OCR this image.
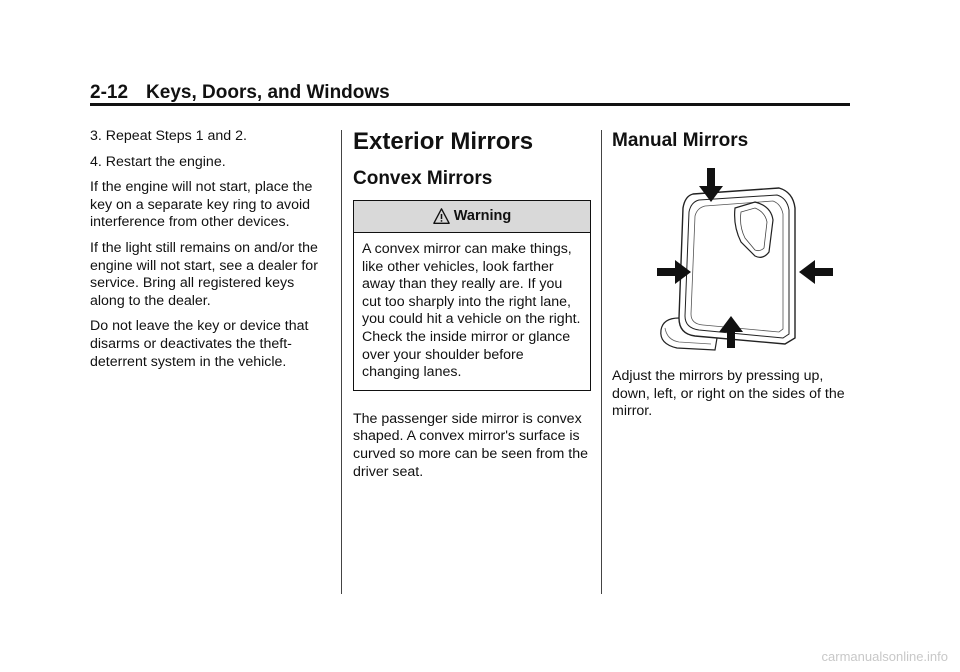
2-12 Keys, Doors, and Windows

3. Repeat Steps 1 and 2.

4. Restart the engine.

If the engine will not start, place the key on a separate key ring to avoid interference from other devices.

If the light still remains on and/or the engine will not start, see a dealer for service. Bring all registered keys along to the dealer.

Do not leave the key or device that disarms or deactivates the theft-deterrent system in the vehicle.

Exterior Mirrors
Convex Mirrors
Warning
A convex mirror can make things, like other vehicles, look farther away than they really are. If you cut too sharply into the right lane, you could hit a vehicle on the right. Check the inside mirror or glance over your shoulder before changing lanes.

The passenger side mirror is convex shaped. A convex mirror's surface is curved so more can be seen from the driver seat.

Manual Mirrors

Adjust the mirrors by pressing up, down, left, or right on the sides of the mirror.

carmanualsonline.info
